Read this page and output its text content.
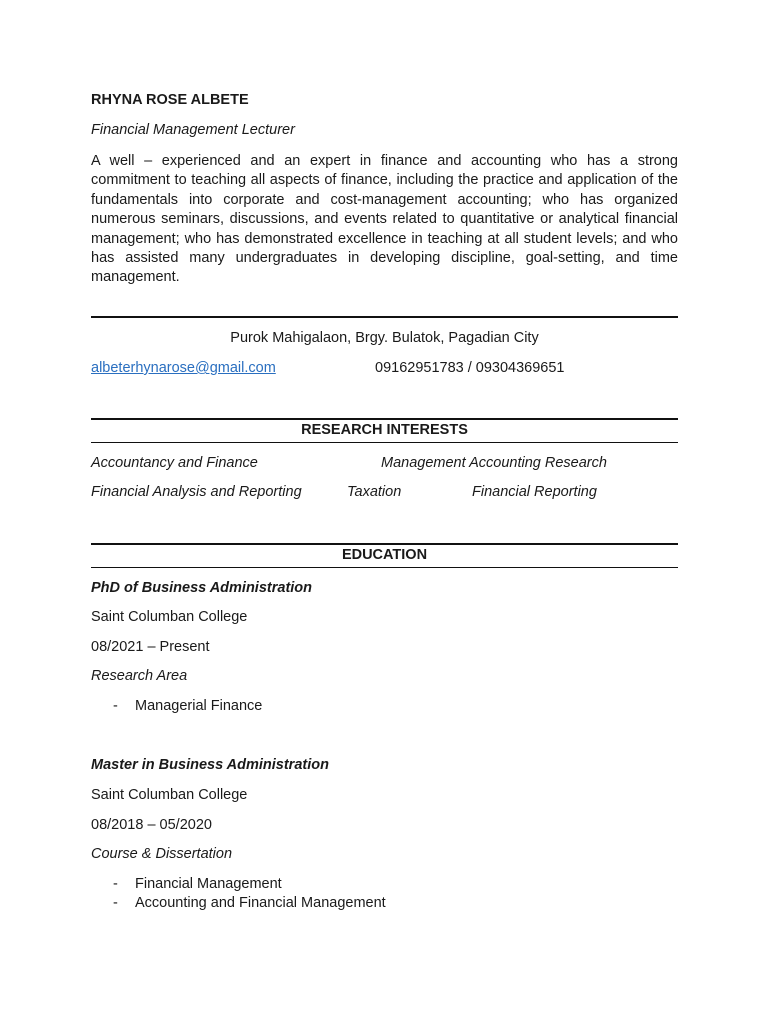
RHYNA ROSE ALBETE
Financial Management Lecturer
A well – experienced and an expert in finance and accounting who has a strong commitment to teaching all aspects of finance, including the practice and application of the fundamentals into corporate and cost-management accounting; who has organized numerous seminars, discussions, and events related to quantitative or analytical financial management; who has demonstrated excellence in teaching at all student levels; and who has assisted many undergraduates in developing discipline, goal-setting, and time management.
Purok Mahigalaon, Brgy. Bulatok, Pagadian City
albeterhynarose@gmail.com	09162951783 / 09304369651
RESEARCH INTERESTS
Accountancy and Finance	Management Accounting Research
Financial Analysis and Reporting	Taxation	Financial Reporting
EDUCATION
PhD of Business Administration
Saint Columban College
08/2021 – Present
Research Area
- Managerial Finance
Master in Business Administration
Saint Columban College
08/2018 – 05/2020
Course & Dissertation
- Financial Management
- Accounting and Financial Management
